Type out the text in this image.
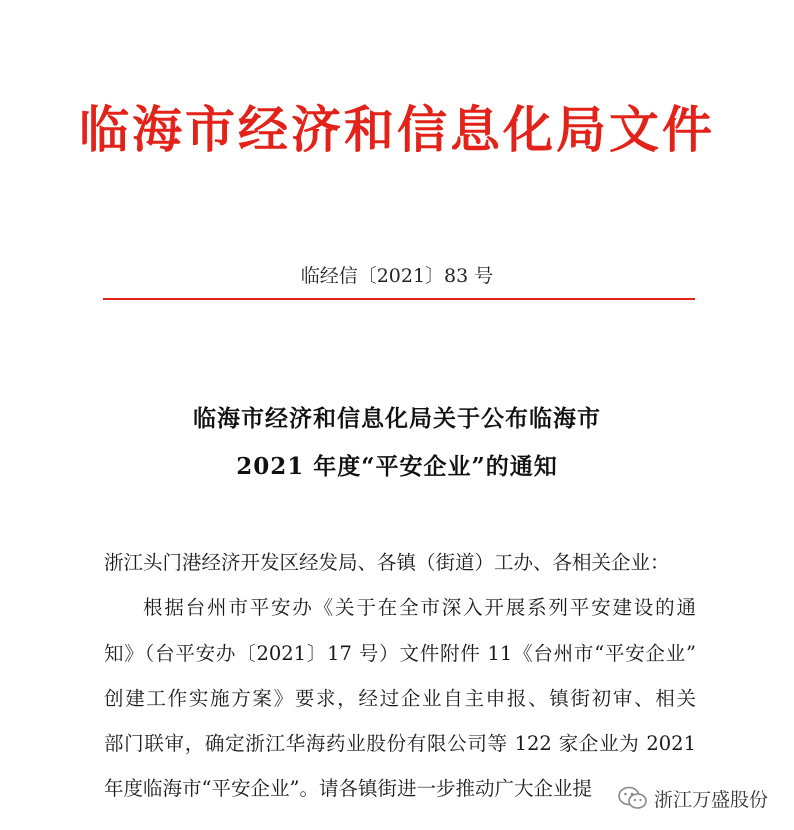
临海市经济和信息化局文件
临经信〔2021〕83 号
临海市经济和信息化局关于公布临海市
2021 年度“平安企业”的通知
浙江头门港经济开发区经发局、各镇（街道）工办、各相关企业：
根据台州市平安办《关于在全市深入开展系列平安建设的通
知》（台平安办〔2021〕17 号）文件附件 11《台州市“平安企业”
创建工作实施方案》要求，经过企业自主申报、镇街初审、相关
部门联审，确定浙江华海药业股份有限公司等 122 家企业为 2021
年度临海市“平安企业”。请各镇街进一步推动广大企业提	浙江万盛股份
